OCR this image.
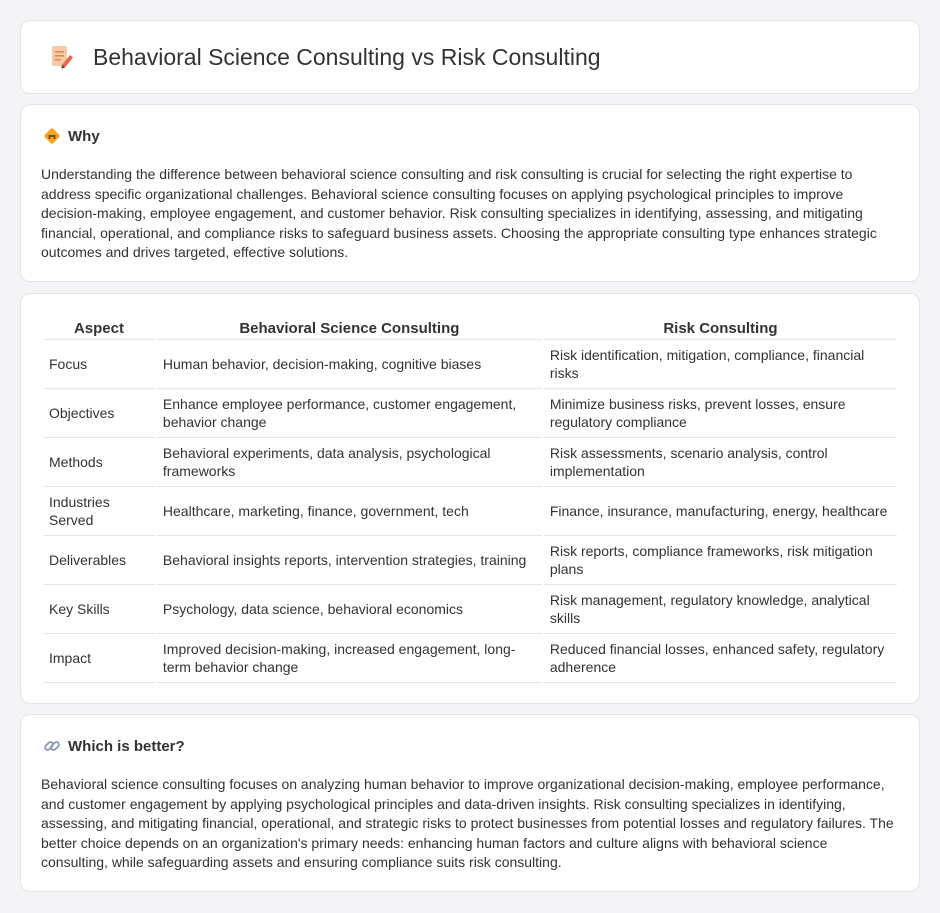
Behavioral Science Consulting vs Risk Consulting
Why

Understanding the difference between behavioral science consulting and risk consulting is crucial for selecting the right expertise to address specific organizational challenges. Behavioral science consulting focuses on applying psychological principles to improve decision-making, employee engagement, and customer behavior. Risk consulting specializes in identifying, assessing, and mitigating financial, operational, and compliance risks to safeguard business assets. Choosing the appropriate consulting type enhances strategic outcomes and drives targeted, effective solutions.

Aspect	Behavioral Science Consulting	Risk Consulting
Focus	Human behavior, decision-making, cognitive biases	Risk identification, mitigation, compliance, financial risks
Objectives	Enhance employee performance, customer engagement, behavior change	Minimize business risks, prevent losses, ensure regulatory compliance
Methods	Behavioral experiments, data analysis, psychological frameworks	Risk assessments, scenario analysis, control implementation
Industries Served	Healthcare, marketing, finance, government, tech	Finance, insurance, manufacturing, energy, healthcare
Deliverables	Behavioral insights reports, intervention strategies, training	Risk reports, compliance frameworks, risk mitigation plans
Key Skills	Psychology, data science, behavioral economics	Risk management, regulatory knowledge, analytical skills
Impact	Improved decision-making, increased engagement, long-term behavior change	Reduced financial losses, enhanced safety, regulatory adherence
Which is better?

Behavioral science consulting focuses on analyzing human behavior to improve organizational decision-making, employee performance, and customer engagement by applying psychological principles and data-driven insights. Risk consulting specializes in identifying, assessing, and mitigating financial, operational, and strategic risks to protect businesses from potential losses and regulatory failures. The better choice depends on an organization's primary needs: enhancing human factors and culture aligns with behavioral science consulting, while safeguarding assets and ensuring compliance suits risk consulting.
